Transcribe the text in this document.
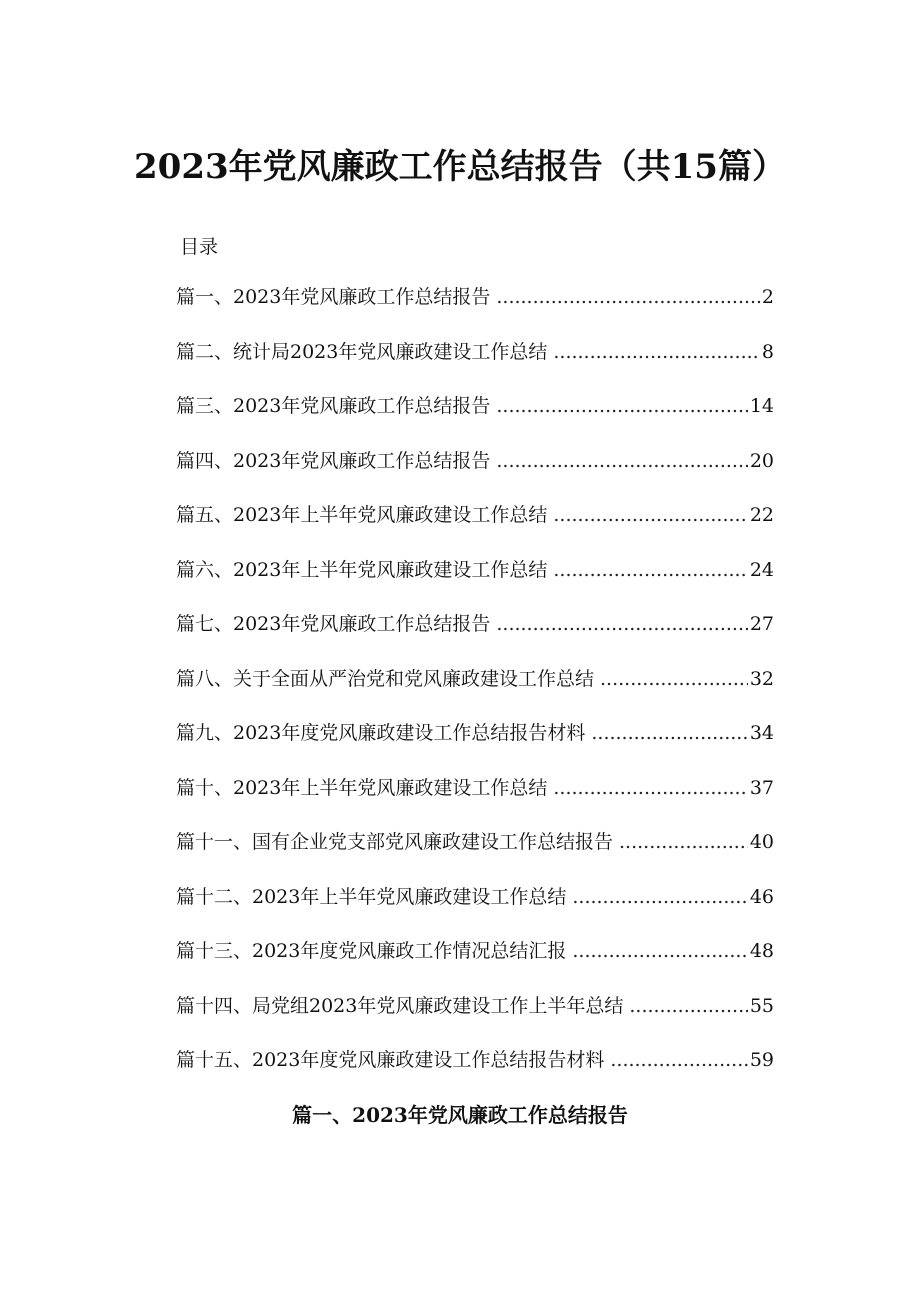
2023年党风廉政工作总结报告（共15篇）
目录
篇一、2023年党风廉政工作总结报告 .....	2
篇二、统计局2023年党风廉政建设工作总结 .....	8
篇三、2023年党风廉政工作总结报告 .....	14
篇四、2023年党风廉政工作总结报告 .....	20
篇五、2023年上半年党风廉政建设工作总结 .....	22
篇六、2023年上半年党风廉政建设工作总结 .....	24
篇七、2023年党风廉政工作总结报告 .....	27
篇八、关于全面从严治党和党风廉政建设工作总结 .....	32
篇九、2023年度党风廉政建设工作总结报告材料 .....	34
篇十、2023年上半年党风廉政建设工作总结 .....	37
篇十一、国有企业党支部党风廉政建设工作总结报告 .....	40
篇十二、2023年上半年党风廉政建设工作总结 .....	46
篇十三、2023年度党风廉政工作情况总结汇报 .....	48
篇十四、局党组2023年党风廉政建设工作上半年总结 .....	55
篇十五、2023年度党风廉政建设工作总结报告材料 .....	59
篇一、2023年党风廉政工作总结报告
